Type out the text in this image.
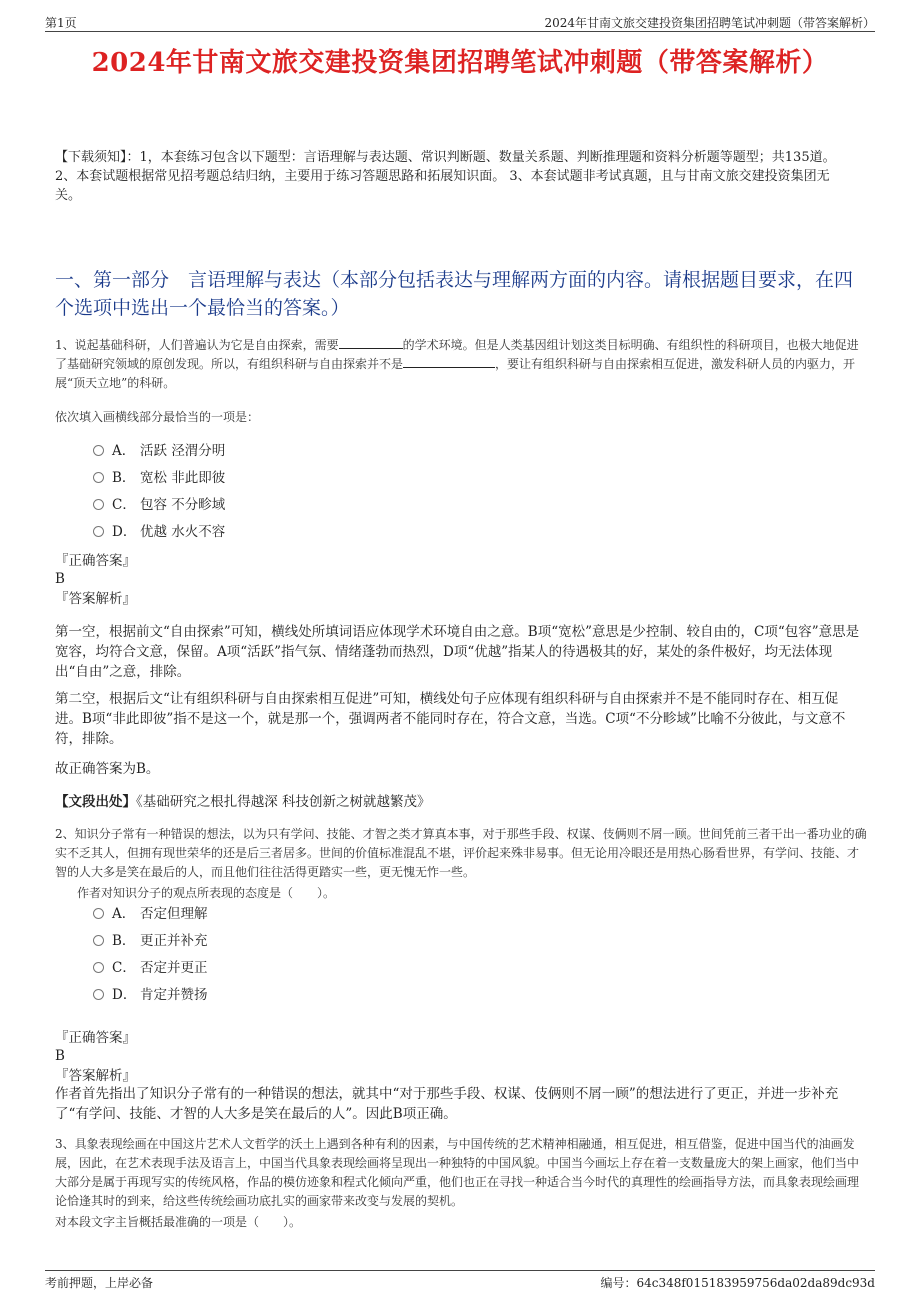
第1页	2024年甘南文旅交建投资集团招聘笔试冲刺题（带答案解析）
2024年甘南文旅交建投资集团招聘笔试冲刺题（带答案解析）
【下载须知】：1，本套练习包含以下题型：言语理解与表达题、常识判断题、数量关系题、判断推理题和资料分析题等题型；共135道。 2、本套试题根据常见招考题总结归纳，主要用于练习答题思路和拓展知识面。 3、本套试题非考试真题，且与甘南文旅交建投资集团无关。
一、第一部分　言语理解与表达（本部分包括表达与理解两方面的内容。请根据题目要求，在四个选项中选出一个最恰当的答案。）
1、说起基础科研，人们普遍认为它是自由探索，需要	的学术环境。但是人类基因组计划这类目标明确、有组织性的科研项目，也极大地促进了基础研究领域的原创发现。所以，有组织科研与自由探索并不是	，要让有组织科研与自由探索相互促进，激发科研人员的内驱力，开展“顶天立地”的科研。
依次填入画横线部分最恰当的一项是：
A． 活跃 泾渭分明
B． 宽松 非此即彼
C． 包容 不分畛域
D． 优越 水火不容
『正确答案』
B
『答案解析』
第一空，根据前文“自由探索”可知，横线处所填词语应体现学术环境自由之意。B项“宽松”意思是少控制、较自由的，C项“包容”意思是宽容，均符合文意，保留。A项“活跃”指气氛、情绪蓬勃而热烈，D项“优越”指某人的待遇极其的好，某处的条件极好，均无法体现出“自由”之意，排除。
第二空，根据后文“让有组织科研与自由探索相互促进”可知，横线处句子应体现有组织科研与自由探索并不是不能同时存在、相互促进。B项“非此即彼”指不是这一个，就是那一个，强调两者不能同时存在，符合文意，当选。C项“不分畛域”比喻不分彼此，与文意不符，排除。
故正确答案为B。
【文段出处】《基础研究之根扎得越深 科技创新之树就越繁茂》
2、知识分子常有一种错误的想法，以为只有学问、技能、才智之类才算真本事，对于那些手段、权谋、伎俩则不屑一顾。世间凭前三者干出一番功业的确实不乏其人，但拥有现世荣华的还是后三者居多。世间的价值标准混乱不堪，评价起来殊非易事。但无论用冷眼还是用热心肠看世界，有学问、技能、才智的人大多是笑在最后的人，而且他们往往活得更踏实一些，更无愧无怍一些。
作者对知识分子的观点所表现的态度是（　　）。
A． 否定但理解
B． 更正并补充
C． 否定并更正
D． 肯定并赞扬
『正确答案』
B
『答案解析』
作者首先指出了知识分子常有的一种错误的想法，就其中“对于那些手段、权谋、伎俩则不屑一顾”的想法进行了更正，并进一步补充了“有学问、技能、才智的人大多是笑在最后的人”。因此B项正确。
3、具象表现绘画在中国这片艺术人文哲学的沃土上遇到各种有利的因素，与中国传统的艺术精神相融通，相互促进，相互借鉴，促进中国当代的油画发展，因此，在艺术表现手法及语言上，中国当代具象表现绘画将呈现出一种独特的中国风貌。中国当今画坛上存在着一支数量庞大的架上画家，他们当中大部分是属于再现写实的传统风格，作品的模仿迹象和程式化倾向严重，他们也正在寻找一种适合当今时代的真理性的绘画指导方法，而具象表现绘画理论恰逢其时的到来，给这些传统绘画功底扎实的画家带来改变与发展的契机。
对本段文字主旨概括最准确的一项是（　　）。
考前押题，上岸必备	编号：64c348f015183959756da02da89dc93d
